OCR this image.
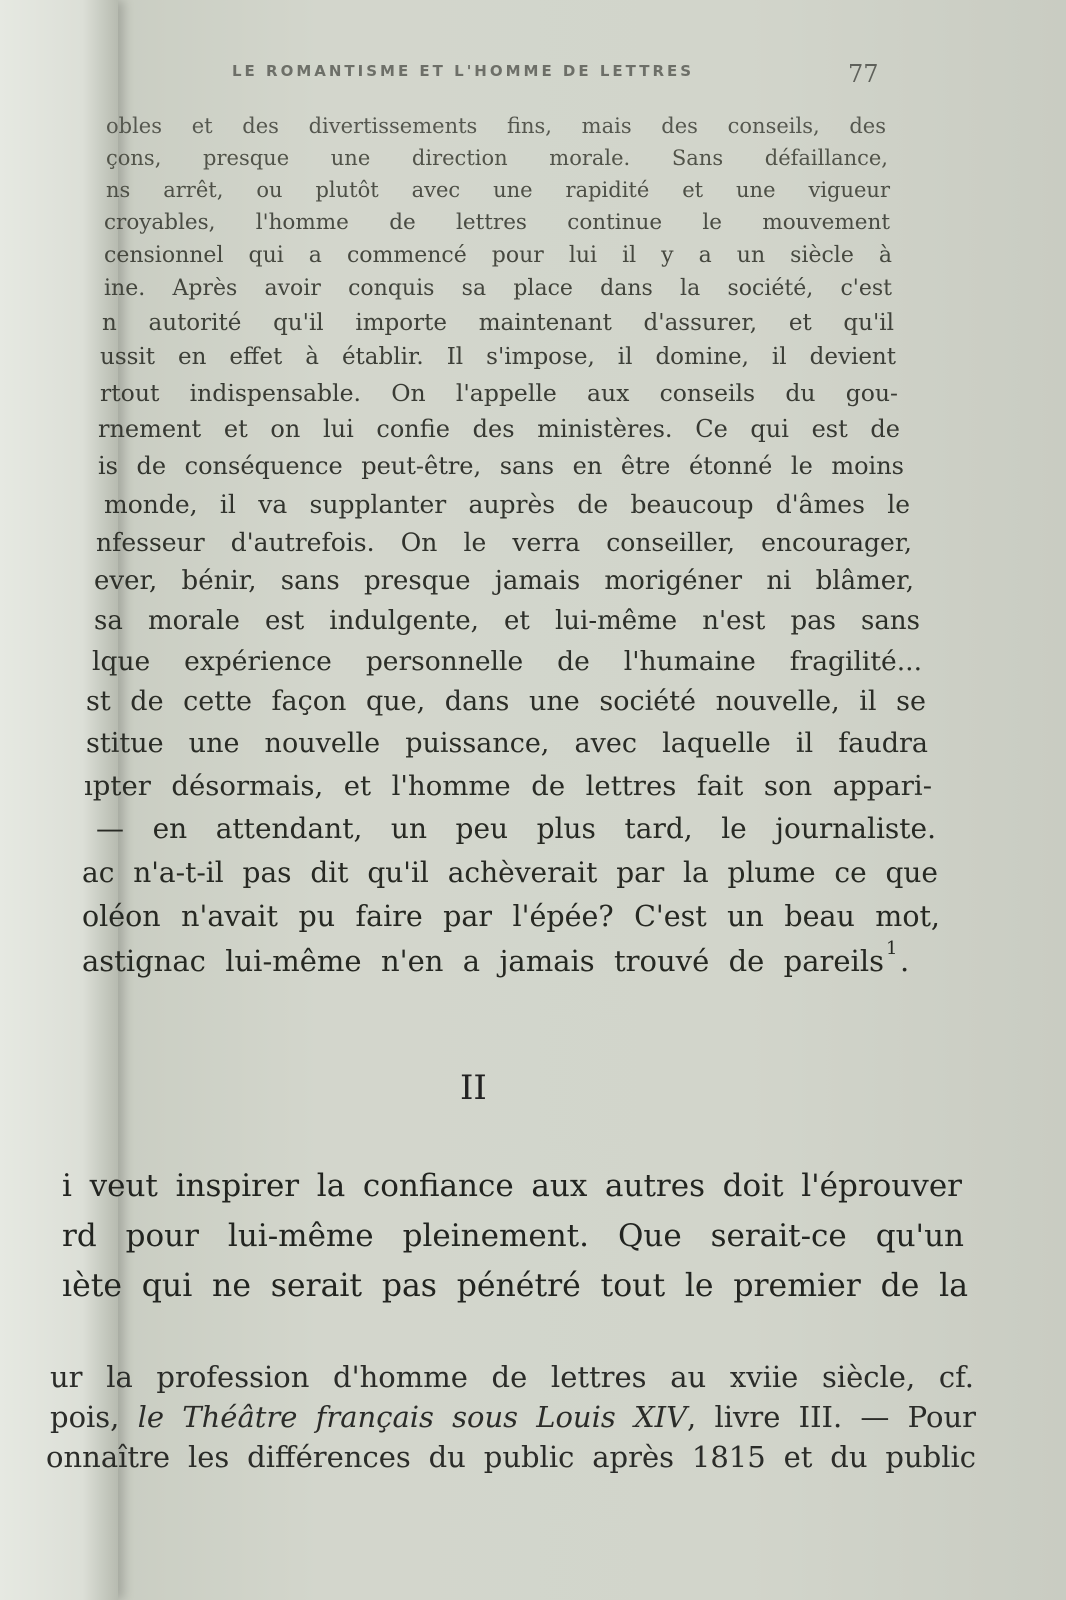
LE ROMANTISME ET L'HOMME DE LETTRES	77
obles et des divertissements fins, mais des conseils, des
çons, presque une direction morale. Sans défaillance,
ns arrêt, ou plutôt avec une rapidité et une vigueur
croyables, l'homme de lettres continue le mouvement
censionnel qui a commencé pour lui il y a un siècle à
ine. Après avoir conquis sa place dans la société, c'est
n autorité qu'il importe maintenant d'assurer, et qu'il
ussit en effet à établir. Il s'impose, il domine, il devient
rtout indispensable. On l'appelle aux conseils du gou-
rnement et on lui confie des ministères. Ce qui est de
is de conséquence peut-être, sans en être étonné le moins
monde, il va supplanter auprès de beaucoup d'âmes le
nfesseur d'autrefois. On le verra conseiller, encourager,
ever, bénir, sans presque jamais morigéner ni blâmer,
sa morale est indulgente, et lui-même n'est pas sans
lque expérience personnelle de l'humaine fragilité...
st de cette façon que, dans une société nouvelle, il se
stitue une nouvelle puissance, avec laquelle il faudra
ıpter désormais, et l'homme de lettres fait son appari-
— en attendant, un peu plus tard, le journaliste.
ac n'a-t-il pas dit qu'il achèverait par la plume ce que
oléon n'avait pu faire par l'épée? C'est un beau mot,
astignac lui-même n'en a jamais trouvé de pareils 1 .
II
i veut inspirer la confiance aux autres doit l'éprouver
rd pour lui-même pleinement. Que serait-ce qu'un
ıète qui ne serait pas pénétré tout le premier de la
ur la profession d'homme de lettres au xviie siècle, cf.
pois, le Théâtre français sous Louis XIV, livre III. — Pour
onnaître les différences du public après 1815 et du public
